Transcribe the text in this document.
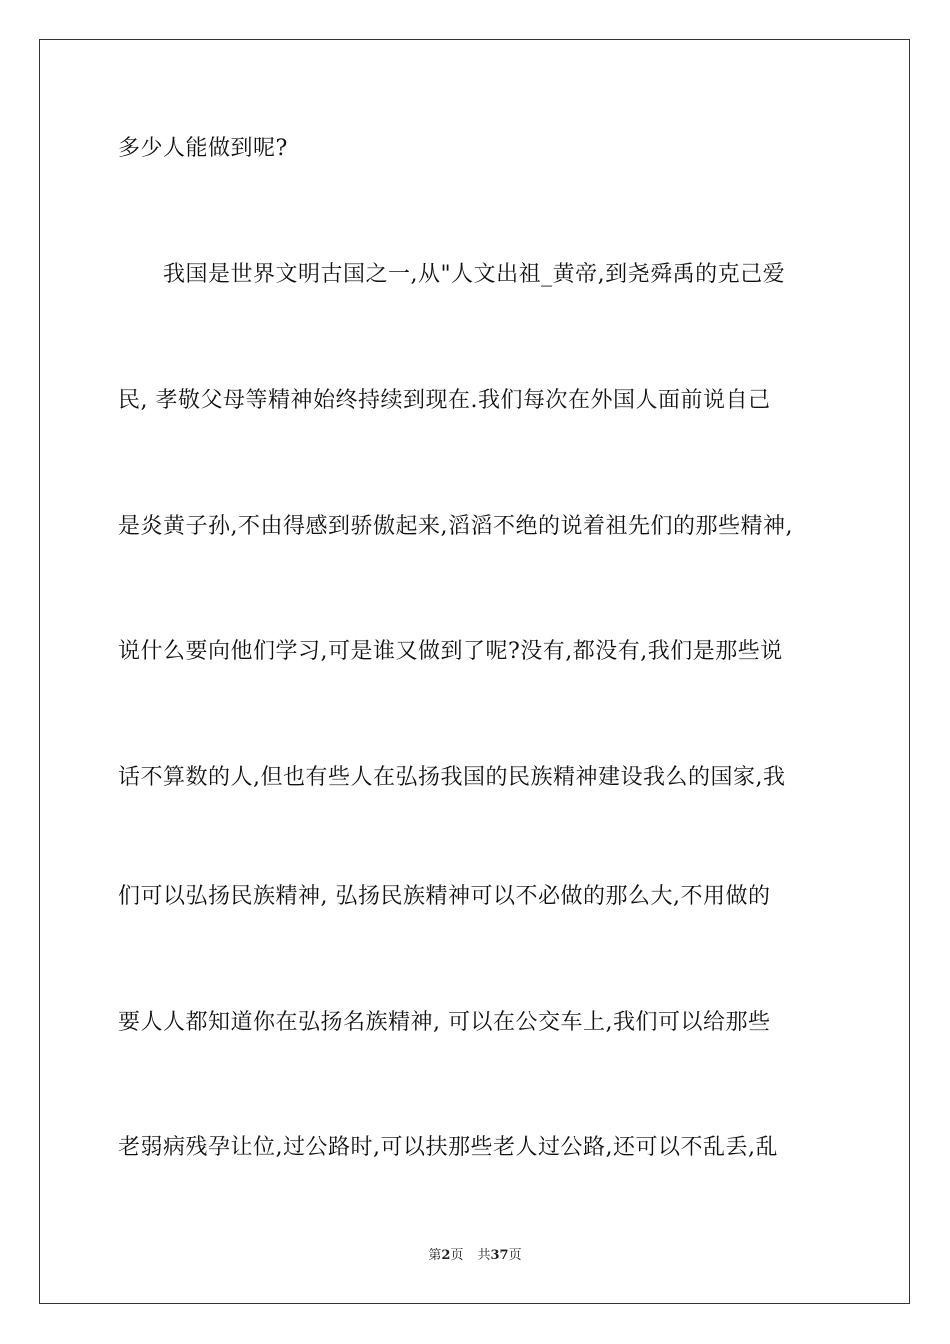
多少人能做到呢?
我国是世界文明古国之一,从"人文出祖_黄帝,到尧舜禹的克己爱
民, 孝敬父母等精神始终持续到现在.我们每次在外国人面前说自己
是炎黄子孙,不由得感到骄傲起来,滔滔不绝的说着祖先们的那些精神,
说什么要向他们学习,可是谁又做到了呢?没有,都没有,我们是那些说
话不算数的人,但也有些人在弘扬我国的民族精神建设我么的国家,我
们可以弘扬民族精神, 弘扬民族精神可以不必做的那么大,不用做的
要人人都知道你在弘扬名族精神, 可以在公交车上,我们可以给那些
老弱病残孕让位,过公路时,可以扶那些老人过公路,还可以不乱丢,乱
第2页 共37页
